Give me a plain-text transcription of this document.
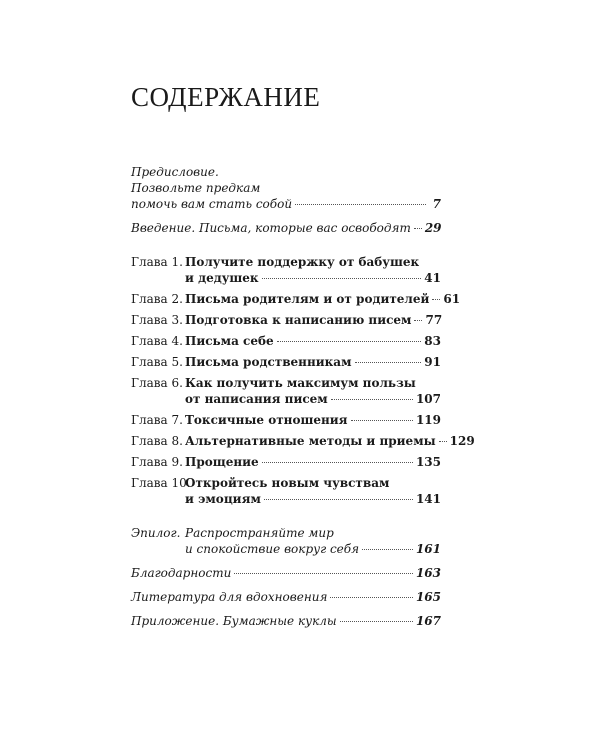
СОДЕРЖАНИЕ
Предисловие.
Позвольте предкам
помочь вам стать собой	7
Введение. Письма, которые вас освободят 29
Глава 1. Получите поддержку от бабушек
и дедушек	41
Глава 2. Письма родителям и от родителей 61
Глава 3. Подготовка к написанию писем 77
Глава 4. Письма себе	83
Глава 5. Письма родственникам	91
Глава 6. Как получить максимум пользы
от написания писем	107
Глава 7. Токсичные отношения	119
Глава 8. Альтернативные методы и приемы 129
Глава 9. Прощение	135
Глава 10.
Откройтесь новым чувствам
и эмоциям	141
Эпилог. Распространяйте мир
и спокойствие вокруг себя	161
Благодарности	163
Литература для вдохновения	165
Приложение. Бумажные куклы	167
